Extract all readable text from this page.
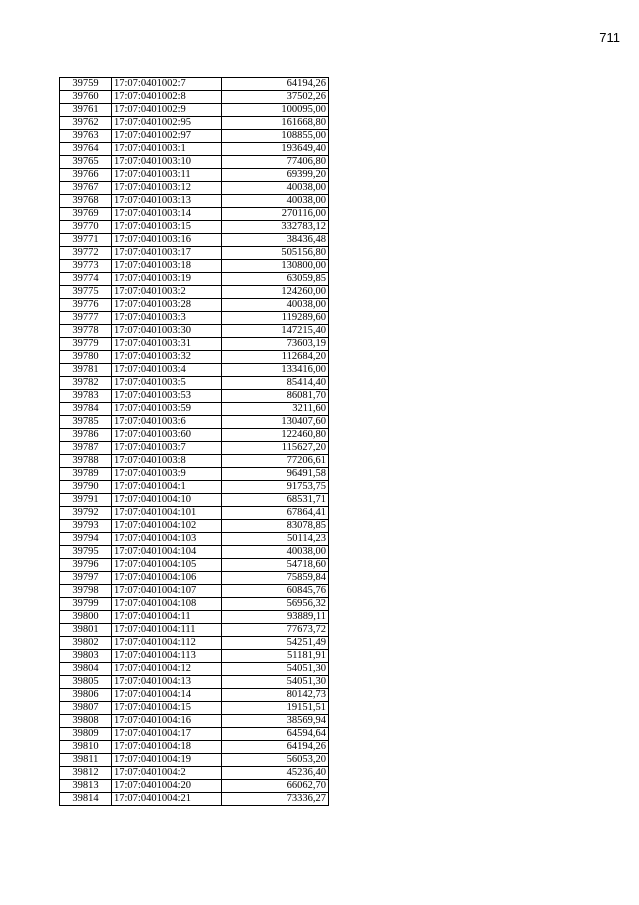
711
39759	17:07:0401002:7	64194,26
39760	17:07:0401002:8	37502,26
39761	17:07:0401002:9	100095,00
39762	17:07:0401002:95	161668,80
39763	17:07:0401002:97	108855,00
39764	17:07:0401003:1	193649,40
39765	17:07:0401003:10	77406,80
39766	17:07:0401003:11	69399,20
39767	17:07:0401003:12	40038,00
39768	17:07:0401003:13	40038,00
39769	17:07:0401003:14	270116,00
39770	17:07:0401003:15	332783,12
39771	17:07:0401003:16	38436,48
39772	17:07:0401003:17	505156,80
39773	17:07:0401003:18	130800,00
39774	17:07:0401003:19	63059,85
39775	17:07:0401003:2	124260,00
39776	17:07:0401003:28	40038,00
39777	17:07:0401003:3	119289,60
39778	17:07:0401003:30	147215,40
39779	17:07:0401003:31	73603,19
39780	17:07:0401003:32	112684,20
39781	17:07:0401003:4	133416,00
39782	17:07:0401003:5	85414,40
39783	17:07:0401003:53	86081,70
39784	17:07:0401003:59	3211,60
39785	17:07:0401003:6	130407,60
39786	17:07:0401003:60	122460,80
39787	17:07:0401003:7	115627,20
39788	17:07:0401003:8	77206,61
39789	17:07:0401003:9	96491,58
39790	17:07:0401004:1	91753,75
39791	17:07:0401004:10	68531,71
39792	17:07:0401004:101	67864,41
39793	17:07:0401004:102	83078,85
39794	17:07:0401004:103	50114,23
39795	17:07:0401004:104	40038,00
39796	17:07:0401004:105	54718,60
39797	17:07:0401004:106	75859,84
39798	17:07:0401004:107	60845,76
39799	17:07:0401004:108	56956,32
39800	17:07:0401004:11	93889,11
39801	17:07:0401004:111	77673,72
39802	17:07:0401004:112	54251,49
39803	17:07:0401004:113	51181,91
39804	17:07:0401004:12	54051,30
39805	17:07:0401004:13	54051,30
39806	17:07:0401004:14	80142,73
39807	17:07:0401004:15	19151,51
39808	17:07:0401004:16	38569,94
39809	17:07:0401004:17	64594,64
39810	17:07:0401004:18	64194,26
39811	17:07:0401004:19	56053,20
39812	17:07:0401004:2	45236,40
39813	17:07:0401004:20	66062,70
39814	17:07:0401004:21	73336,27
